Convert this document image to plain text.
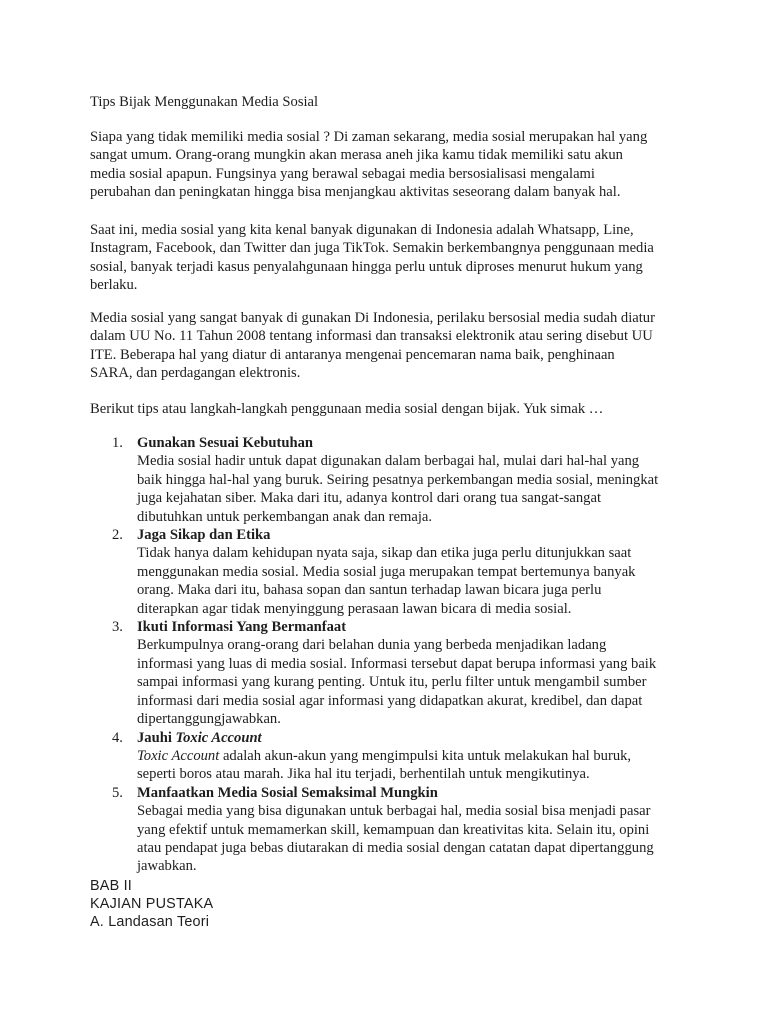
Tips Bijak Menggunakan Media Sosial

Siapa yang tidak memiliki media sosial ? Di zaman sekarang, media sosial merupakan hal yang
sangat umum. Orang-orang mungkin akan merasa aneh jika kamu tidak memiliki satu akun
media sosial apapun. Fungsinya yang berawal sebagai media bersosialisasi mengalami
perubahan dan peningkatan hingga bisa menjangkau aktivitas seseorang dalam banyak hal.

Saat ini, media sosial yang kita kenal banyak digunakan di Indonesia adalah Whatsapp, Line,
Instagram, Facebook, dan Twitter dan juga TikTok. Semakin berkembangnya penggunaan media
sosial, banyak terjadi kasus penyalahgunaan hingga perlu untuk diproses menurut hukum yang
berlaku.

Media sosial yang sangat banyak di gunakan Di Indonesia, perilaku bersosial media sudah diatur
dalam UU No. 11 Tahun 2008 tentang informasi dan transaksi elektronik atau sering disebut UU
ITE. Beberapa hal yang diatur di antaranya mengenai pencemaran nama baik, penghinaan
SARA, dan perdagangan elektronis.

Berikut tips atau langkah-langkah penggunaan media sosial dengan bijak. Yuk simak …

1. Gunakan Sesuai Kebutuhan
Media sosial hadir untuk dapat digunakan dalam berbagai hal, mulai dari hal-hal yang
baik hingga hal-hal yang buruk. Seiring pesatnya perkembangan media sosial, meningkat
juga kejahatan siber. Maka dari itu, adanya kontrol dari orang tua sangat-sangat
dibutuhkan untuk perkembangan anak dan remaja.
2. Jaga Sikap dan Etika
Tidak hanya dalam kehidupan nyata saja, sikap dan etika juga perlu ditunjukkan saat
menggunakan media sosial. Media sosial juga merupakan tempat bertemunya banyak
orang. Maka dari itu, bahasa sopan dan santun terhadap lawan bicara juga perlu
diterapkan agar tidak menyinggung perasaan lawan bicara di media sosial.
3. Ikuti Informasi Yang Bermanfaat
Berkumpulnya orang-orang dari belahan dunia yang berbeda menjadikan ladang
informasi yang luas di media sosial. Informasi tersebut dapat berupa informasi yang baik
sampai informasi yang kurang penting. Untuk itu, perlu filter untuk mengambil sumber
informasi dari media sosial agar informasi yang didapatkan akurat, kredibel, dan dapat
dipertanggungjawabkan.
4. Jauhi Toxic Account
Toxic Account adalah akun-akun yang mengimpulsi kita untuk melakukan hal buruk,
seperti boros atau marah. Jika hal itu terjadi, berhentilah untuk mengikutinya.
5. Manfaatkan Media Sosial Semaksimal Mungkin
Sebagai media yang bisa digunakan untuk berbagai hal, media sosial bisa menjadi pasar
yang efektif untuk memamerkan skill, kemampuan dan kreativitas kita. Selain itu, opini
atau pendapat juga bebas diutarakan di media sosial dengan catatan dapat dipertanggung
jawabkan.
BAB II
KAJIAN PUSTAKA
A. Landasan Teori
